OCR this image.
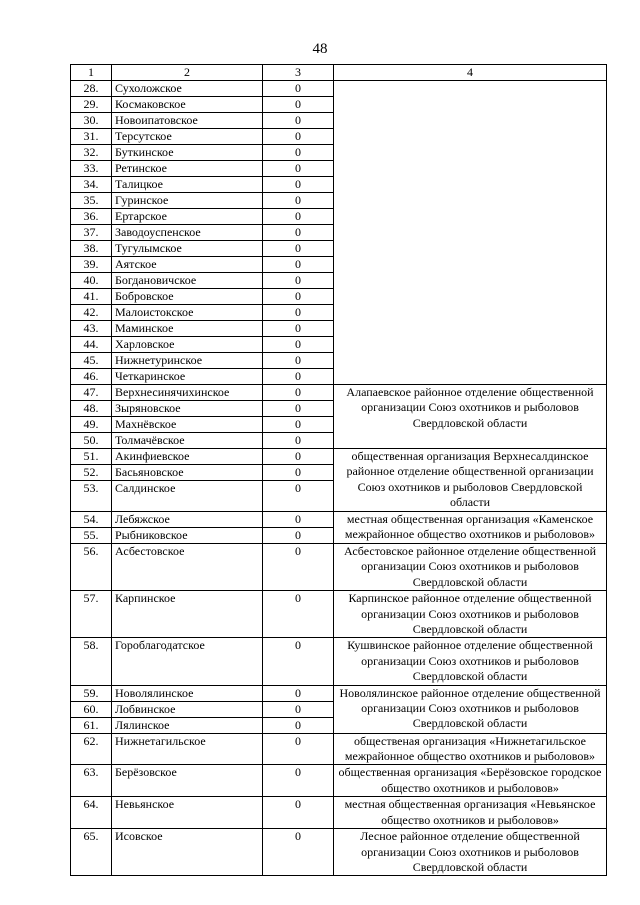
48
1	2	3	4
28.	Сухоложское	0	
29.	Космаковское	0	
30.	Новоипатовское	0	
31.	Терсутское	0	
32.	Буткинское	0	
33.	Ретинское	0	
34.	Талицкое	0	
35.	Гуринское	0	
36.	Ертарское	0	
37.	Заводоуспенское	0	
38.	Тугулымское	0	
39.	Аятское	0	
40.	Богдановичское	0	
41.	Бобровское	0	
42.	Малоистокское	0	
43.	Маминское	0	
44.	Харловское	0	
45.	Нижнетуринское	0	
46.	Четкаринское	0	
47.	Верхнесинячихинское	0	Алапаевское районное отделение общественной организации Союз охотников и рыболовов Свердловской области
48.	Зыряновское	0	
49.	Махнёвское	0	
50.	Толмачёвское	0	
51.	Акинфиевское	0	общественная организация Верхнесалдинское районное отделение общественной организации Союз охотников и рыболовов Свердловской области
52.	Басьяновское	0	
53.	Салдинское	0	
54.	Лебяжское	0	местная общественная организация «Каменское межрайонное общество охотников и рыболовов»
55.	Рыбниковское	0	
56.	Асбестовское	0	Асбестовское районное отделение общественной организации Союз охотников и рыболовов Свердловской области
57.	Карпинское	0	Карпинское районное отделение общественной организации Союз охотников и рыболовов Свердловской области
58.	Гороблагодатское	0	Кушвинское районное отделение общественной организации Союз охотников и рыболовов Свердловской области
59.	Новолялинское	0	Новолялинское районное отделение общественной организации Союз охотников и рыболовов Свердловской области
60.	Лобвинское	0	
61.	Лялинское	0	
62.	Нижнетагильское	0	общественая организация «Нижнетагильское межрайонное общество охотников и рыболовов»
63.	Берёзовское	0	общественная организация «Берёзовское городское общество охотников и рыболовов»
64.	Невьянское	0	местная общественная организация «Невьянское общество охотников и рыболовов»
65.	Исовское	0	Лесное районное отделение общественной организации Союз охотников и рыболовов Свердловской области
